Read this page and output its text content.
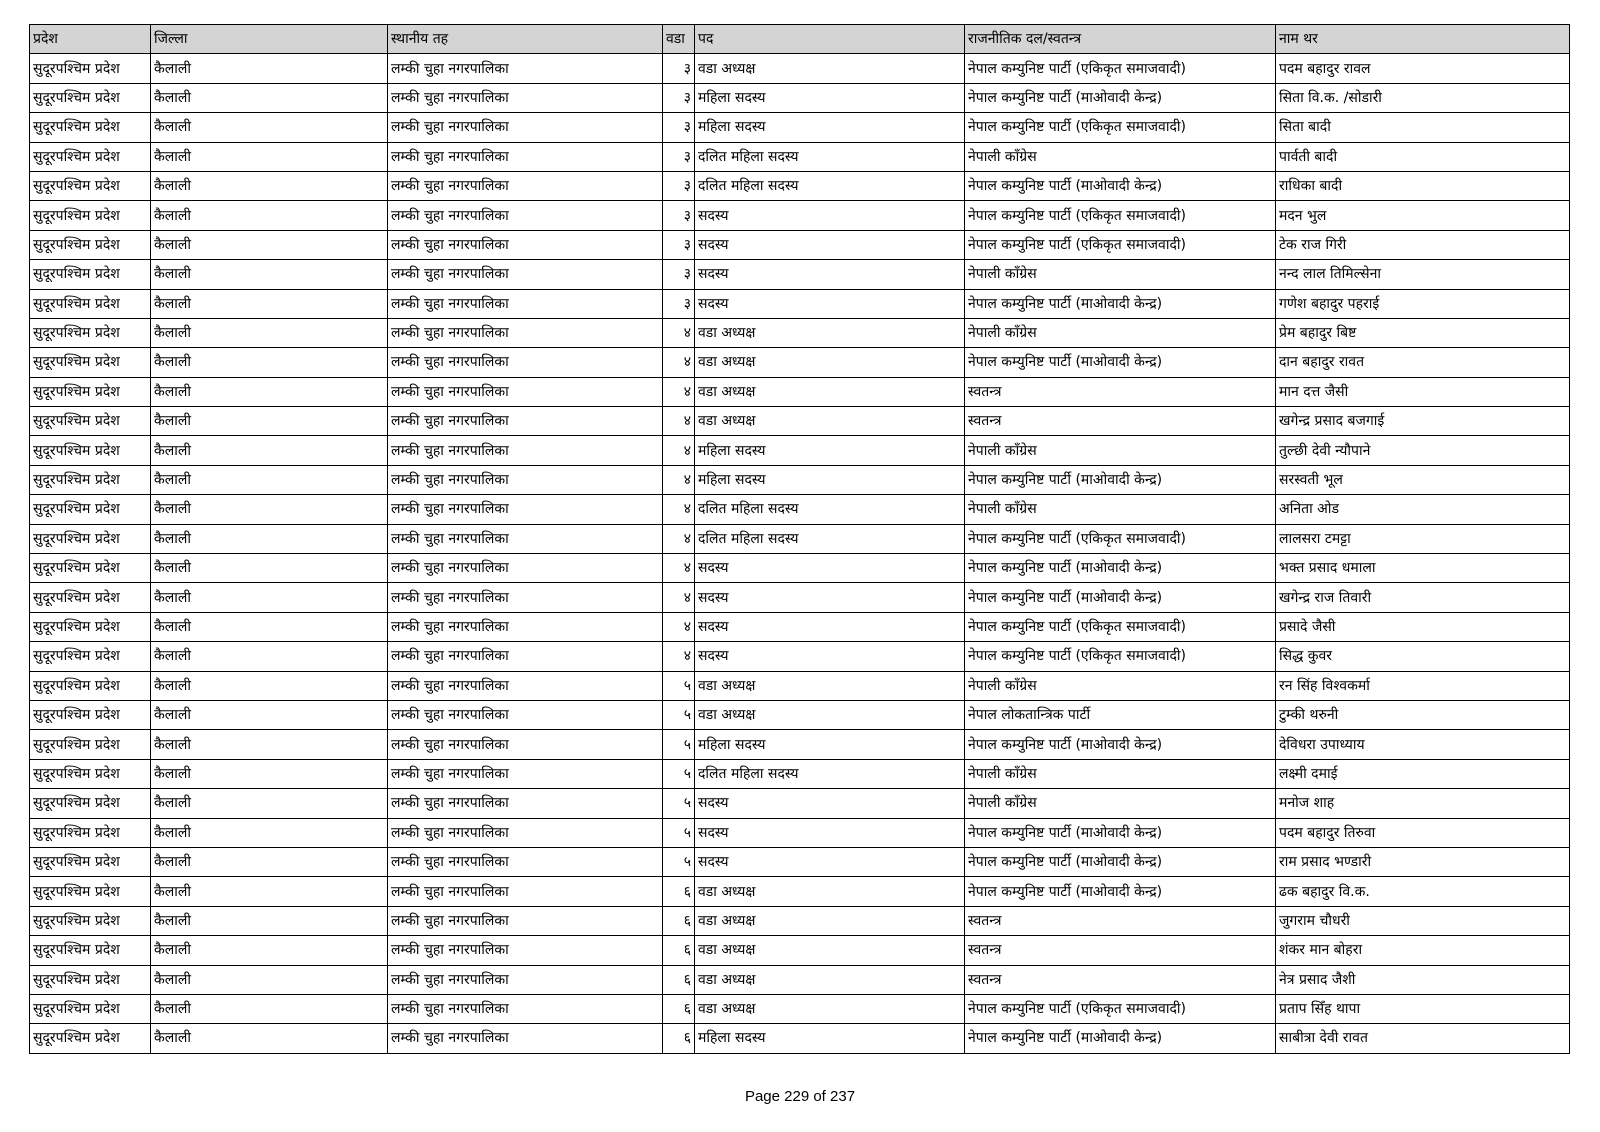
प्रदेश	जिल्ला	स्थानीय तह	वडा	पद	राजनीतिक दल/स्वतन्त्र	नाम थर
सुदूरपश्चिम प्रदेश	कैलाली	लम्की चुहा नगरपालिका	३	वडा अध्यक्ष	नेपाल कम्युनिष्ट पार्टी (एकिकृत समाजवादी)	पदम बहादुर रावल
सुदूरपश्चिम प्रदेश	कैलाली	लम्की चुहा नगरपालिका	३	महिला सदस्य	नेपाल कम्युनिष्ट पार्टी (माओवादी केन्द्र)	सिता वि.क. /सोडारी
सुदूरपश्चिम प्रदेश	कैलाली	लम्की चुहा नगरपालिका	३	महिला सदस्य	नेपाल कम्युनिष्ट पार्टी (एकिकृत समाजवादी)	सिता बादी
सुदूरपश्चिम प्रदेश	कैलाली	लम्की चुहा नगरपालिका	३	दलित महिला सदस्य	नेपाली काँग्रेस	पार्वती बादी
सुदूरपश्चिम प्रदेश	कैलाली	लम्की चुहा नगरपालिका	३	दलित महिला सदस्य	नेपाल कम्युनिष्ट पार्टी (माओवादी केन्द्र)	राधिका बादी
सुदूरपश्चिम प्रदेश	कैलाली	लम्की चुहा नगरपालिका	३	सदस्य	नेपाल कम्युनिष्ट पार्टी (एकिकृत समाजवादी)	मदन भुल
सुदूरपश्चिम प्रदेश	कैलाली	लम्की चुहा नगरपालिका	३	सदस्य	नेपाल कम्युनिष्ट पार्टी (एकिकृत समाजवादी)	टेक राज गिरी
सुदूरपश्चिम प्रदेश	कैलाली	लम्की चुहा नगरपालिका	३	सदस्य	नेपाली काँग्रेस	नन्द लाल तिमिल्सेना
सुदूरपश्चिम प्रदेश	कैलाली	लम्की चुहा नगरपालिका	३	सदस्य	नेपाल कम्युनिष्ट पार्टी (माओवादी केन्द्र)	गणेश बहादुर पहराई
सुदूरपश्चिम प्रदेश	कैलाली	लम्की चुहा नगरपालिका	४	वडा अध्यक्ष	नेपाली काँग्रेस	प्रेम बहादुर बिष्ट
सुदूरपश्चिम प्रदेश	कैलाली	लम्की चुहा नगरपालिका	४	वडा अध्यक्ष	नेपाल कम्युनिष्ट पार्टी (माओवादी केन्द्र)	दान बहादुर रावत
सुदूरपश्चिम प्रदेश	कैलाली	लम्की चुहा नगरपालिका	४	वडा अध्यक्ष	स्वतन्त्र	मान दत्त जैसी
सुदूरपश्चिम प्रदेश	कैलाली	लम्की चुहा नगरपालिका	४	वडा अध्यक्ष	स्वतन्त्र	खगेन्द्र प्रसाद बजगाई
सुदूरपश्चिम प्रदेश	कैलाली	लम्की चुहा नगरपालिका	४	महिला सदस्य	नेपाली काँग्रेस	तुल्छी देवी न्यौपाने
सुदूरपश्चिम प्रदेश	कैलाली	लम्की चुहा नगरपालिका	४	महिला सदस्य	नेपाल कम्युनिष्ट पार्टी (माओवादी केन्द्र)	सरस्वती भूल
सुदूरपश्चिम प्रदेश	कैलाली	लम्की चुहा नगरपालिका	४	दलित महिला सदस्य	नेपाली काँग्रेस	अनिता ओड
सुदूरपश्चिम प्रदेश	कैलाली	लम्की चुहा नगरपालिका	४	दलित महिला सदस्य	नेपाल कम्युनिष्ट पार्टी (एकिकृत समाजवादी)	लालसरा टमट्टा
सुदूरपश्चिम प्रदेश	कैलाली	लम्की चुहा नगरपालिका	४	सदस्य	नेपाल कम्युनिष्ट पार्टी (माओवादी केन्द्र)	भक्त प्रसाद धमाला
सुदूरपश्चिम प्रदेश	कैलाली	लम्की चुहा नगरपालिका	४	सदस्य	नेपाल कम्युनिष्ट पार्टी (माओवादी केन्द्र)	खगेन्द्र राज तिवारी
सुदूरपश्चिम प्रदेश	कैलाली	लम्की चुहा नगरपालिका	४	सदस्य	नेपाल कम्युनिष्ट पार्टी (एकिकृत समाजवादी)	प्रसादे जैसी
सुदूरपश्चिम प्रदेश	कैलाली	लम्की चुहा नगरपालिका	४	सदस्य	नेपाल कम्युनिष्ट पार्टी (एकिकृत समाजवादी)	सिद्ध कुवर
सुदूरपश्चिम प्रदेश	कैलाली	लम्की चुहा नगरपालिका	५	वडा अध्यक्ष	नेपाली काँग्रेस	रन सिंह विश्वकर्मा
सुदूरपश्चिम प्रदेश	कैलाली	लम्की चुहा नगरपालिका	५	वडा अध्यक्ष	नेपाल लोकतान्त्रिक पार्टी	टुम्की थरुनी
सुदूरपश्चिम प्रदेश	कैलाली	लम्की चुहा नगरपालिका	५	महिला सदस्य	नेपाल कम्युनिष्ट पार्टी (माओवादी केन्द्र)	देविधरा उपाध्याय
सुदूरपश्चिम प्रदेश	कैलाली	लम्की चुहा नगरपालिका	५	दलित महिला सदस्य	नेपाली काँग्रेस	लक्ष्मी दमाई
सुदूरपश्चिम प्रदेश	कैलाली	लम्की चुहा नगरपालिका	५	सदस्य	नेपाली काँग्रेस	मनोज शाह
सुदूरपश्चिम प्रदेश	कैलाली	लम्की चुहा नगरपालिका	५	सदस्य	नेपाल कम्युनिष्ट पार्टी (माओवादी केन्द्र)	पदम बहादुर तिरुवा
सुदूरपश्चिम प्रदेश	कैलाली	लम्की चुहा नगरपालिका	५	सदस्य	नेपाल कम्युनिष्ट पार्टी (माओवादी केन्द्र)	राम प्रसाद भण्डारी
सुदूरपश्चिम प्रदेश	कैलाली	लम्की चुहा नगरपालिका	६	वडा अध्यक्ष	नेपाल कम्युनिष्ट पार्टी (माओवादी केन्द्र)	ढक बहादुर वि.क.
सुदूरपश्चिम प्रदेश	कैलाली	लम्की चुहा नगरपालिका	६	वडा अध्यक्ष	स्वतन्त्र	जुगराम चौधरी
सुदूरपश्चिम प्रदेश	कैलाली	लम्की चुहा नगरपालिका	६	वडा अध्यक्ष	स्वतन्त्र	शंकर मान बोहरा
सुदूरपश्चिम प्रदेश	कैलाली	लम्की चुहा नगरपालिका	६	वडा अध्यक्ष	स्वतन्त्र	नेत्र प्रसाद जैशी
सुदूरपश्चिम प्रदेश	कैलाली	लम्की चुहा नगरपालिका	६	वडा अध्यक्ष	नेपाल कम्युनिष्ट पार्टी (एकिकृत समाजवादी)	प्रताप सिँह थापा
सुदूरपश्चिम प्रदेश	कैलाली	लम्की चुहा नगरपालिका	६	महिला सदस्य	नेपाल कम्युनिष्ट पार्टी (माओवादी केन्द्र)	साबीत्रा देवी रावत
Page 229 of 237
